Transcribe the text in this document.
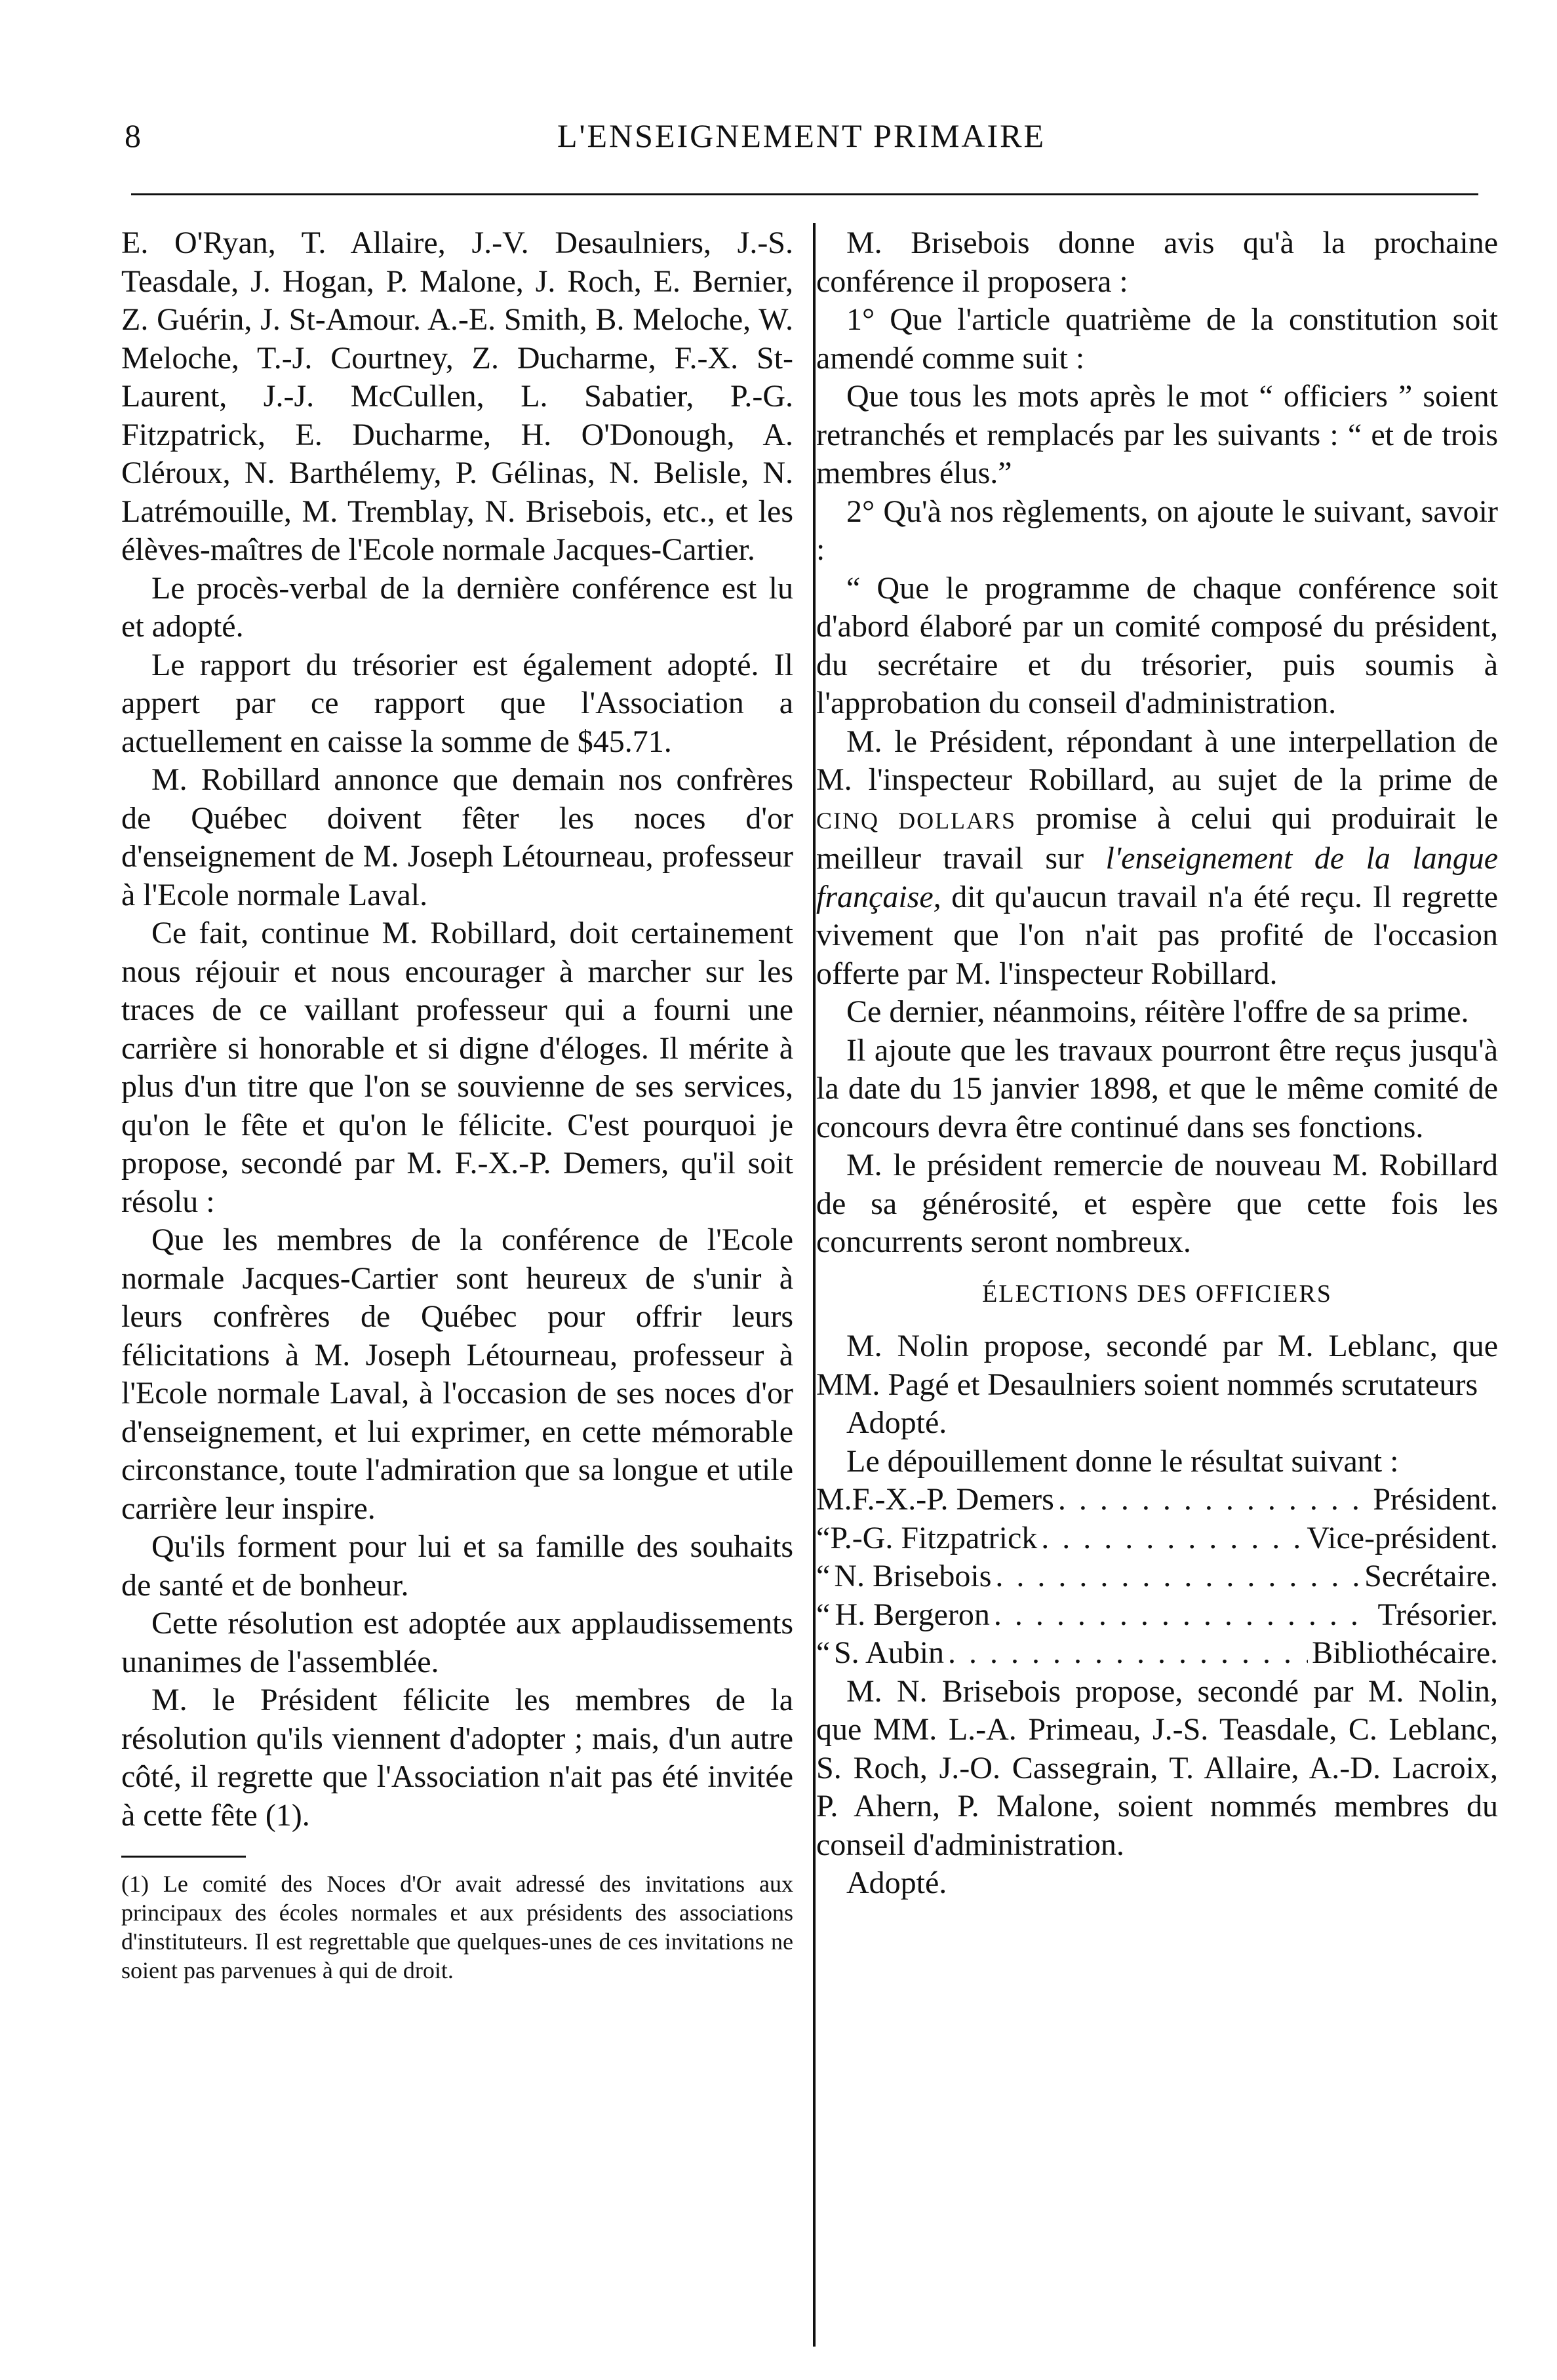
8	L'ENSEIGNEMENT PRIMAIRE

E. O'Ryan, T. Allaire, J.-V. Desaulniers, J.-S. Teasdale, J. Hogan, P. Malone, J. Roch, E. Bernier, Z. Guérin, J. St-Amour. A.-E. Smith, B. Meloche, W. Meloche, T.-J. Courtney, Z. Ducharme, F.-X. St-Laurent, J.-J. McCullen, L. Sabatier, P.-G. Fitzpatrick, E. Ducharme, H. O'Donough, A. Cléroux, N. Barthélemy, P. Gélinas, N. Belisle, N. Latrémouille, M. Tremblay, N. Brisebois, etc., et les élèves-maîtres de l'Ecole normale Jacques-Cartier.

Le procès-verbal de la dernière conférence est lu et adopté.

Le rapport du trésorier est également adopté. Il appert par ce rapport que l'Association a actuellement en caisse la somme de $45.71.

M. Robillard annonce que demain nos confrères de Québec doivent fêter les noces d'or d'enseignement de M. Joseph Létourneau, professeur à l'Ecole normale Laval.

Ce fait, continue M. Robillard, doit certainement nous réjouir et nous encourager à marcher sur les traces de ce vaillant professeur qui a fourni une carrière si honorable et si digne d'éloges. Il mérite à plus d'un titre que l'on se souvienne de ses services, qu'on le fête et qu'on le félicite. C'est pourquoi je propose, secondé par M. F.-X.-P. Demers, qu'il soit résolu :

Que les membres de la conférence de l'Ecole normale Jacques-Cartier sont heureux de s'unir à leurs confrères de Québec pour offrir leurs félicitations à M. Joseph Létourneau, professeur à l'Ecole normale Laval, à l'occasion de ses noces d'or d'enseignement, et lui exprimer, en cette mémorable circonstance, toute l'admiration que sa longue et utile carrière leur inspire.

Qu'ils forment pour lui et sa famille des souhaits de santé et de bonheur.

Cette résolution est adoptée aux applaudissements unanimes de l'assemblée.

M. le Président félicite les membres de la résolution qu'ils viennent d'adopter ; mais, d'un autre côté, il regrette que l'Association n'ait pas été invitée à cette fête (1).

(1) Le comité des Noces d'Or avait adressé des invitations aux principaux des écoles normales et aux présidents des associations d'instituteurs. Il est regrettable que quelques-unes de ces invitations ne soient pas parvenues à qui de droit.

M. Brisebois donne avis qu'à la prochaine conférence il proposera :

1° Que l'article quatrième de la constitution soit amendé comme suit :

Que tous les mots après le mot “ officiers ” soient retranchés et remplacés par les suivants : “ et de trois membres élus.”

2° Qu'à nos règlements, on ajoute le suivant, savoir :

“ Que le programme de chaque conférence soit d'abord élaboré par un comité composé du président, du secrétaire et du trésorier, puis soumis à l'approbation du conseil d'administration.

M. le Président, répondant à une interpellation de M. l'inspecteur Robillard, au sujet de la prime de CINQ DOLLARS promise à celui qui produirait le meilleur travail sur l'enseignement de la langue française, dit qu'aucun travail n'a été reçu. Il regrette vivement que l'on n'ait pas profité de l'occasion offerte par M. l'inspecteur Robillard.

Ce dernier, néanmoins, réitère l'offre de sa prime.

Il ajoute que les travaux pourront être reçus jusqu'à la date du 15 janvier 1898, et que le même comité de concours devra être continué dans ses fonctions.

M. le président remercie de nouveau M. Robillard de sa générosité, et espère que cette fois les concurrents seront nombreux.

ÉLECTIONS DES OFFICIERS

M. Nolin propose, secondé par M. Leblanc, que MM. Pagé et Desaulniers soient nommés scrutateurs

Adopté.

Le dépouillement donne le résultat suivant :

M. F.-X.-P. Demers . . .	Président.
“ P.-G. Fitzpatrick . . .	Vice-président.
“ N. Brisebois . . .	Secrétaire.
“ H. Bergeron . . .	Trésorier.
“ S. Aubin . . .	Bibliothécaire.

M. N. Brisebois propose, secondé par M. Nolin, que MM. L.-A. Primeau, J.-S. Teasdale, C. Leblanc, S. Roch, J.-O. Cassegrain, T. Allaire, A.-D. Lacroix, P. Ahern, P. Malone, soient nommés membres du conseil d'administration.

Adopté.
